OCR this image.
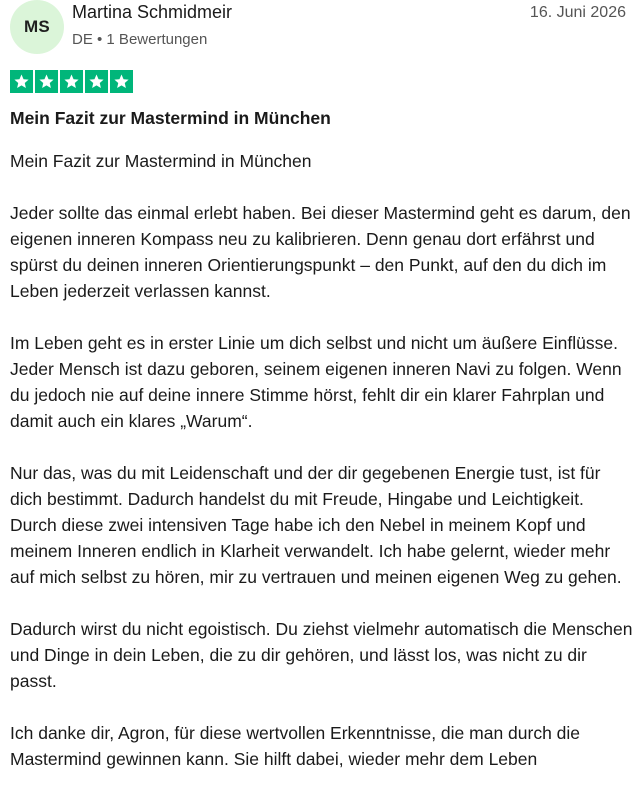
MS
Martina Schmidmeir
DE • 1 Bewertungen
16. Juni 2026
Mein Fazit zur Mastermind in München

Mein Fazit zur Mastermind in München

Jeder sollte das einmal erlebt haben. Bei dieser Mastermind geht es darum, den eigenen inneren Kompass neu zu kalibrieren. Denn genau dort erfährst und spürst du deinen inneren Orientierungspunkt – den Punkt, auf den du dich im Leben jederzeit verlassen kannst.

Im Leben geht es in erster Linie um dich selbst und nicht um äußere Einflüsse. Jeder Mensch ist dazu geboren, seinem eigenen inneren Navi zu folgen. Wenn du jedoch nie auf deine innere Stimme hörst, fehlt dir ein klarer Fahrplan und damit auch ein klares „Warum“.

Nur das, was du mit Leidenschaft und der dir gegebenen Energie tust, ist für dich bestimmt. Dadurch handelst du mit Freude, Hingabe und Leichtigkeit. Durch diese zwei intensiven Tage habe ich den Nebel in meinem Kopf und meinem Inneren endlich in Klarheit verwandelt. Ich habe gelernt, wieder mehr auf mich selbst zu hören, mir zu vertrauen und meinen eigenen Weg zu gehen.

Dadurch wirst du nicht egoistisch. Du ziehst vielmehr automatisch die Menschen und Dinge in dein Leben, die zu dir gehören, und lässt los, was nicht zu dir passt.

Ich danke dir, Agron, für diese wertvollen Erkenntnisse, die man durch die Mastermind gewinnen kann. Sie hilft dabei, wieder mehr dem Leben
